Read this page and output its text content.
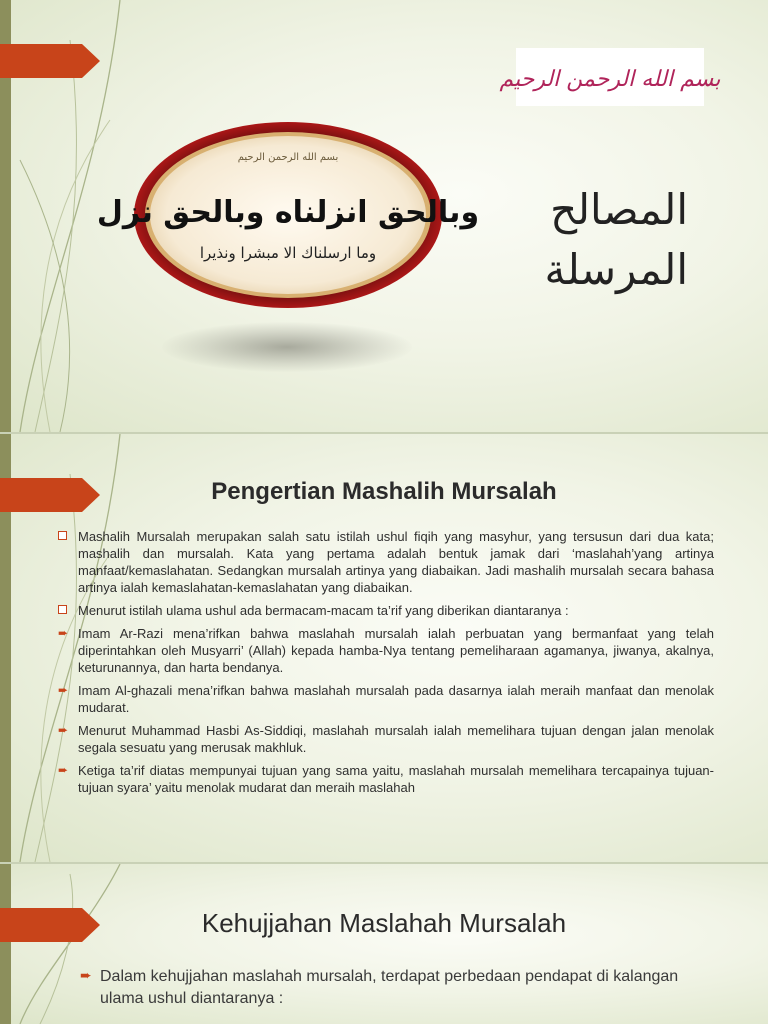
بسم الله الرحمن الرحيم
بسم الله الرحمن الرحيم
وبالحق انزلناه وبالحق نزل
وما ارسلناك الا مبشرا ونذيرا
المصالح
المرسلة
Pengertian Mashalih Mursalah
Mashalih Mursalah merupakan salah satu istilah ushul fiqih yang masyhur, yang tersusun dari dua kata; mashalih dan mursalah. Kata yang pertama adalah bentuk jamak dari ‘maslahah’yang artinya manfaat/kemaslahatan. Sedangkan mursalah artinya yang diabaikan. Jadi mashalih mursalah secara bahasa artinya ialah kemaslahatan-kemaslahatan yang diabaikan.
Menurut istilah ulama ushul ada bermacam-macam ta’rif yang diberikan diantaranya :
➨ Imam Ar-Razi mena’rifkan bahwa maslahah mursalah ialah perbuatan yang bermanfaat yang telah diperintahkan oleh Musyarri’ (Allah) kepada hamba-Nya tentang pemeliharaan agamanya, jiwanya, akalnya, keturunannya, dan harta bendanya.
➨ Imam Al-ghazali mena’rifkan bahwa maslahah mursalah pada dasarnya ialah meraih manfaat dan menolak mudarat.
➨ Menurut Muhammad Hasbi As-Siddiqi, maslahah mursalah ialah memelihara tujuan dengan jalan menolak segala sesuatu yang merusak makhluk.
➨ Ketiga ta’rif diatas mempunyai tujuan yang sama yaitu, maslahah mursalah memelihara tercapainya tujuan-tujuan syara’ yaitu menolak mudarat dan meraih maslahah
Kehujjahan Maslahah Mursalah
➨ Dalam kehujjahan maslahah mursalah, terdapat perbedaan pendapat di kalangan ulama ushul diantaranya :
